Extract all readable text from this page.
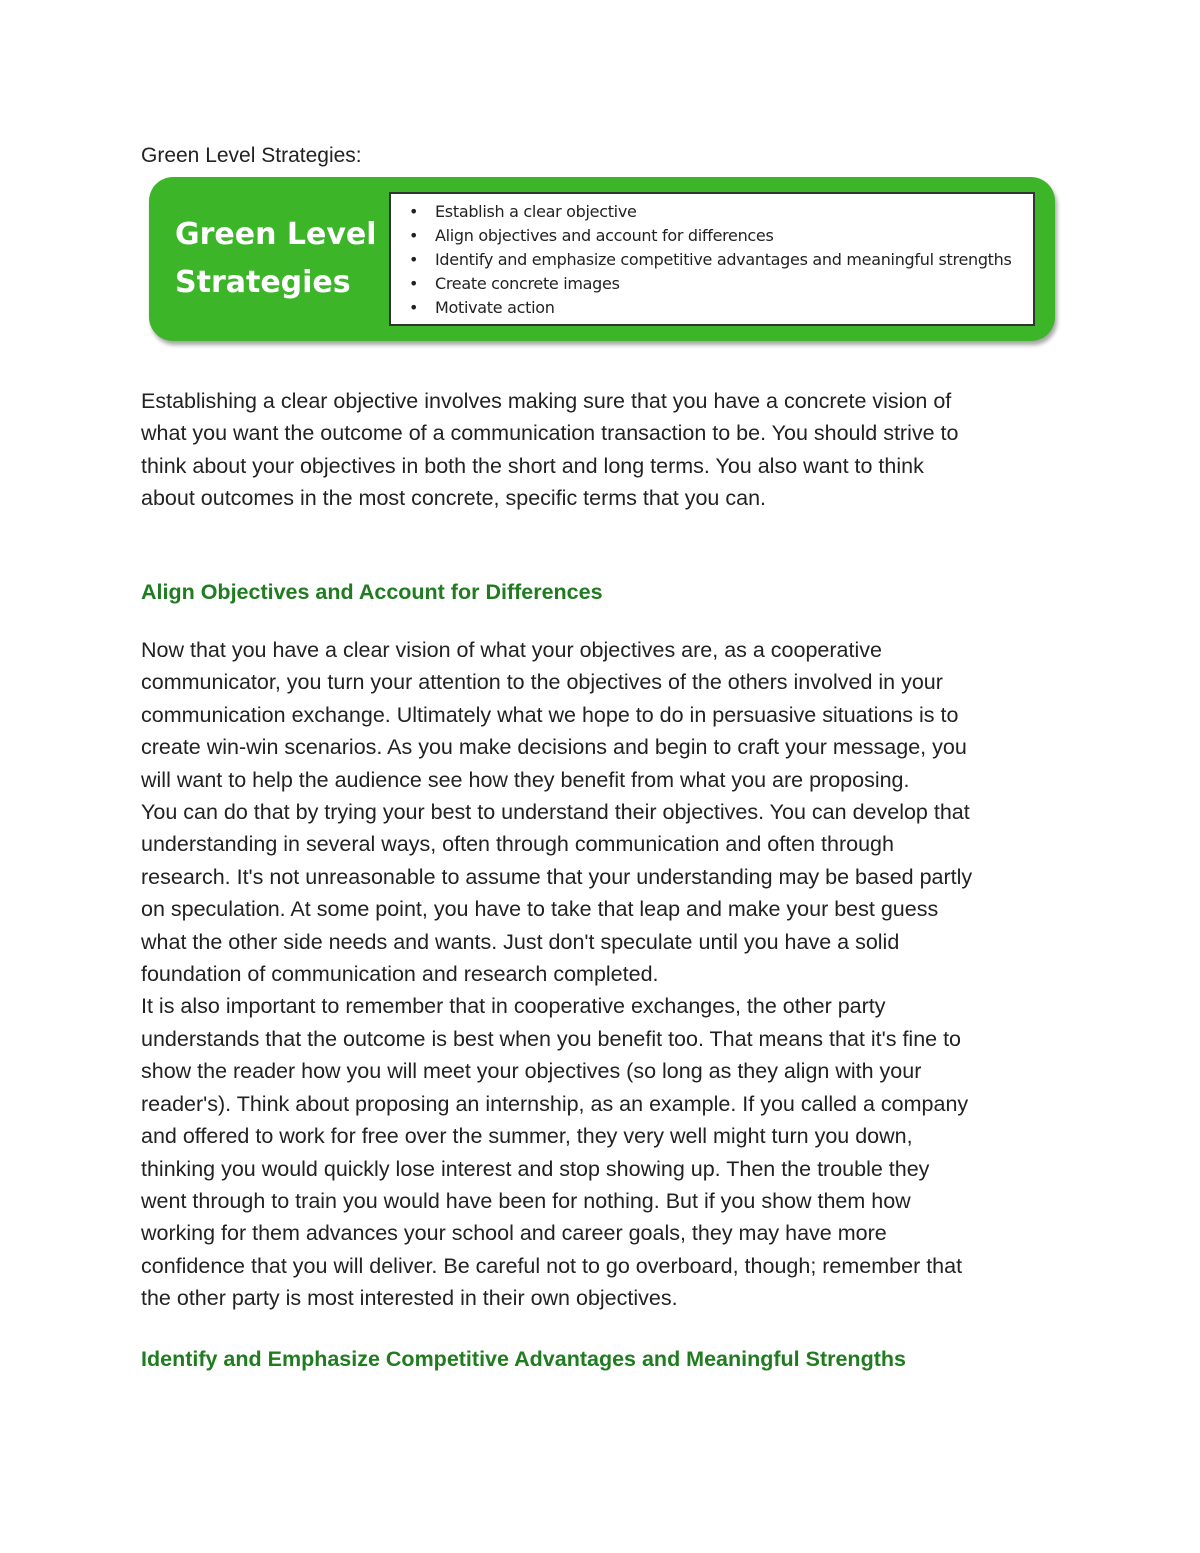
Green Level Strategies:

Green Level
Strategies
• Establish a clear objective
• Align objectives and account for differences
• Identify and emphasize competitive advantages and meaningful strengths
• Create concrete images
• Motivate action

Establishing a clear objective involves making sure that you have a concrete vision of
what you want the outcome of a communication transaction to be. You should strive to
think about your objectives in both the short and long terms. You also want to think
about outcomes in the most concrete, specific terms that you can.

Align Objectives and Account for Differences

Now that you have a clear vision of what your objectives are, as a cooperative
communicator, you turn your attention to the objectives of the others involved in your
communication exchange. Ultimately what we hope to do in persuasive situations is to
create win-win scenarios. As you make decisions and begin to craft your message, you
will want to help the audience see how they benefit from what you are proposing.
You can do that by trying your best to understand their objectives. You can develop that
understanding in several ways, often through communication and often through
research. It's not unreasonable to assume that your understanding may be based partly
on speculation. At some point, you have to take that leap and make your best guess
what the other side needs and wants. Just don't speculate until you have a solid
foundation of communication and research completed.
It is also important to remember that in cooperative exchanges, the other party
understands that the outcome is best when you benefit too. That means that it's fine to
show the reader how you will meet your objectives (so long as they align with your
reader's). Think about proposing an internship, as an example. If you called a company
and offered to work for free over the summer, they very well might turn you down,
thinking you would quickly lose interest and stop showing up. Then the trouble they
went through to train you would have been for nothing. But if you show them how
working for them advances your school and career goals, they may have more
confidence that you will deliver. Be careful not to go overboard, though; remember that
the other party is most interested in their own objectives.

Identify and Emphasize Competitive Advantages and Meaningful Strengths
